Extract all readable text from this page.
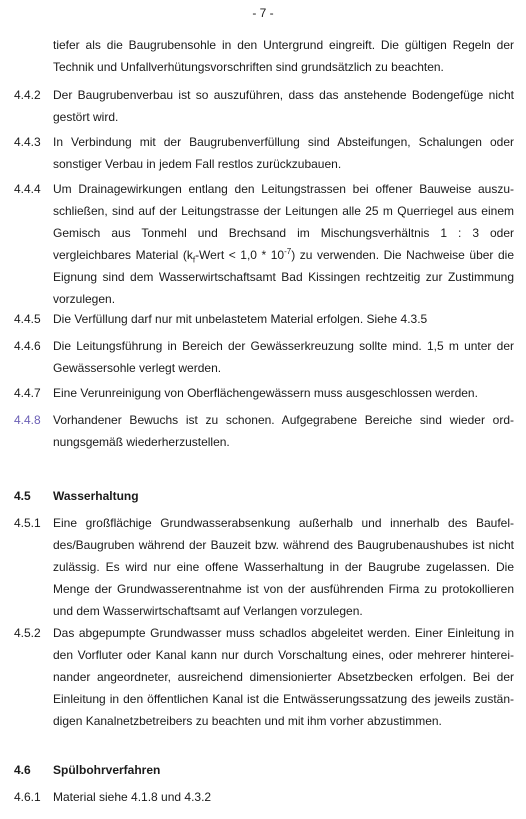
- 7 -
tiefer als die Baugrubensohle in den Untergrund eingreift. Die gültigen Regeln der Technik und Unfallverhütungsvorschriften sind grundsätzlich zu beachten.
4.4.2	Der Baugrubenverbau ist so auszuführen, dass das anstehende Bodengefüge nicht gestört wird.
4.4.3	In Verbindung mit der Baugrubenverfüllung sind Absteifungen, Schalungen oder sonstiger Verbau in jedem Fall restlos zurückzubauen.
4.4.4	Um Drainagewirkungen entlang den Leitungstrassen bei offener Bauweise auszu-schließen, sind auf der Leitungstrasse der Leitungen alle 25 m Querriegel aus einem Gemisch aus Tonmehl und Brechsand im Mischungsverhältnis 1 : 3 oder vergleichbares Material ($k_f$-Wert < $1,0 * 10^{-7}$) zu verwenden. Die Nachweise über die Eignung sind dem Wasserwirtschaftsamt Bad Kissingen rechtzeitig zur Zustimmung vorzulegen.
4.4.5	Die Verfüllung darf nur mit unbelastetem Material erfolgen. Siehe 4.3.5
4.4.6	Die Leitungsführung in Bereich der Gewässerkreuzung sollte mind. 1,5 m unter der Gewässersohle verlegt werden.
4.4.7	Eine Verunreinigung von Oberflächengewässern muss ausgeschlossen werden.
4.4.8	Vorhandener Bewuchs ist zu schonen. Aufgegrabene Bereiche sind wieder ord-nungsgemäß wiederherzustellen.
4.5	Wasserhaltung
4.5.1	Eine großflächige Grundwasserabsenkung außerhalb und innerhalb des Baufel-des/Baugruben während der Bauzeit bzw. während des Baugrubenaushubes ist nicht zulässig. Es wird nur eine offene Wasserhaltung in der Baugrube zugelassen. Die Menge der Grundwasserentnahme ist von der ausführenden Firma zu protokollieren und dem Wasserwirtschaftsamt auf Verlangen vorzulegen.
4.5.2	Das abgepumpte Grundwasser muss schadlos abgeleitet werden. Einer Einleitung in den Vorfluter oder Kanal kann nur durch Vorschaltung eines, oder mehrerer hinterei-nander angeordneter, ausreichend dimensionierter Absetzbecken erfolgen. Bei der Einleitung in den öffentlichen Kanal ist die Entwässerungssatzung des jeweils zustän-digen Kanalnetzbetreibers zu beachten und mit ihm vorher abzustimmen.
4.6	Spülbohrverfahren
4.6.1	Material siehe 4.1.8 und 4.3.2
